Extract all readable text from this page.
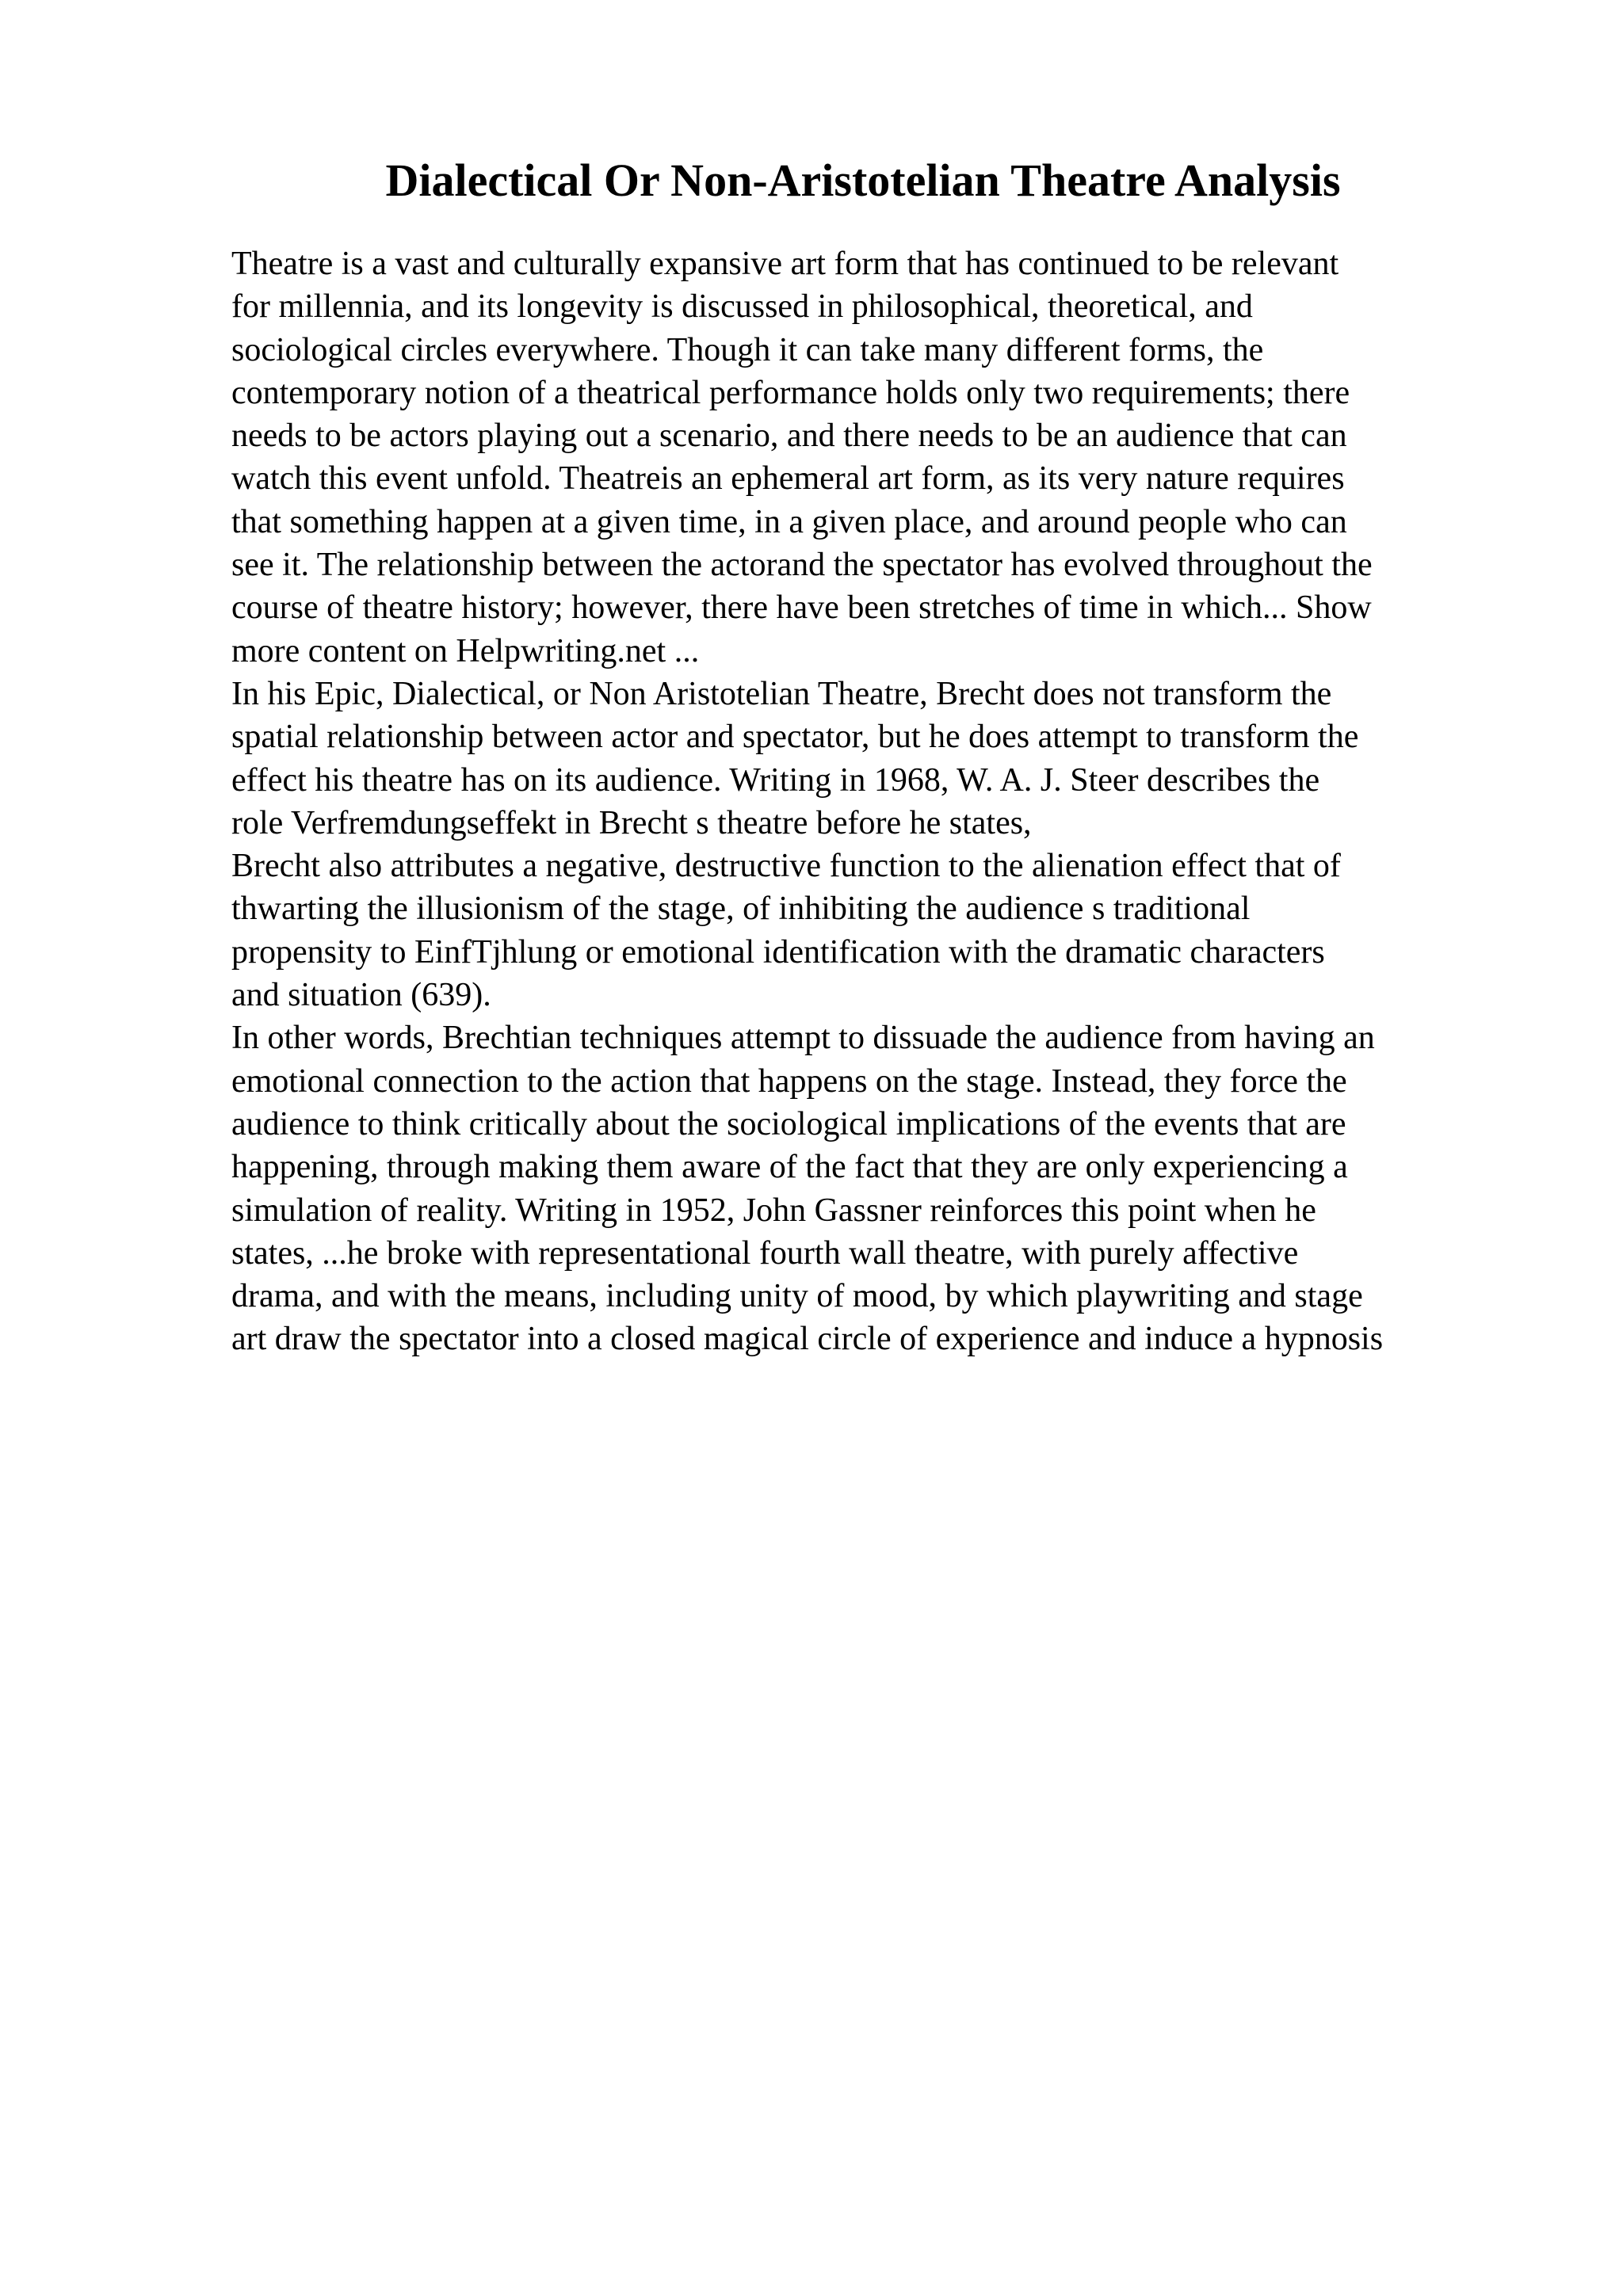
Dialectical Or Non-Aristotelian Theatre Analysis
Theatre is a vast and culturally expansive art form that has continued to be relevant
for millennia, and its longevity is discussed in philosophical, theoretical, and
sociological circles everywhere. Though it can take many different forms, the
contemporary notion of a theatrical performance holds only two requirements; there
needs to be actors playing out a scenario, and there needs to be an audience that can
watch this event unfold. Theatreis an ephemeral art form, as its very nature requires
that something happen at a given time, in a given place, and around people who can
see it. The relationship between the actorand the spectator has evolved throughout the
course of theatre history; however, there have been stretches of time in which... Show
more content on Helpwriting.net ...
In his Epic, Dialectical, or Non Aristotelian Theatre, Brecht does not transform the
spatial relationship between actor and spectator, but he does attempt to transform the
effect his theatre has on its audience. Writing in 1968, W. A. J. Steer describes the
role Verfremdungseffekt in Brecht s theatre before he states,
Brecht also attributes a negative, destructive function to the alienation effect that of
thwarting the illusionism of the stage, of inhibiting the audience s traditional
propensity to EinfΤjhlung or emotional identification with the dramatic characters
and situation (639).
In other words, Brechtian techniques attempt to dissuade the audience from having an
emotional connection to the action that happens on the stage. Instead, they force the
audience to think critically about the sociological implications of the events that are
happening, through making them aware of the fact that they are only experiencing a
simulation of reality. Writing in 1952, John Gassner reinforces this point when he
states, ...he broke with representational fourth wall theatre, with purely affective
drama, and with the means, including unity of mood, by which playwriting and stage
art draw the spectator into a closed magical circle of experience and induce a hypnosis
